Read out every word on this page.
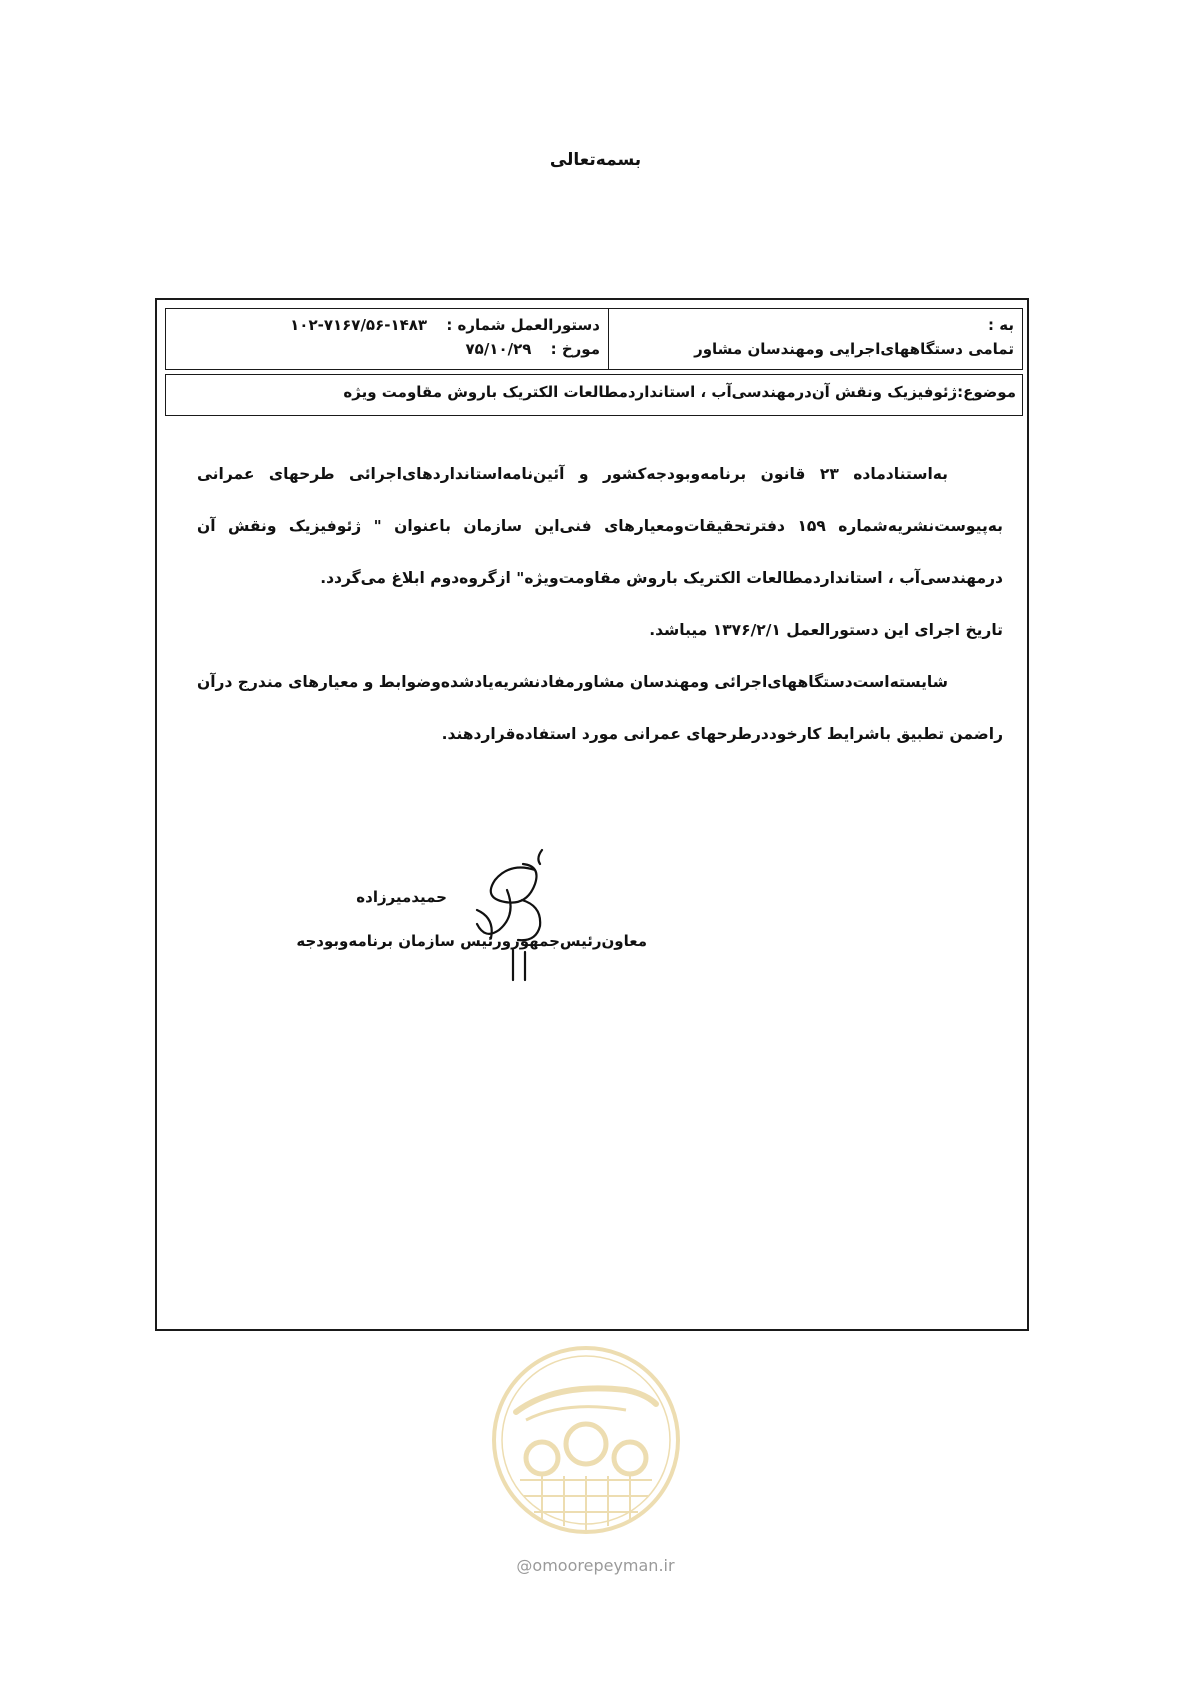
بسمه‌تعالی
به :
تمامی دستگاههای‌اجرایی ومهندسان مشاور
دستور‌العمل شماره : ۱۰۲-۷۱۶۷/۵۶-۱۴۸۳
مورخ : ۷۵/۱۰/۲۹
موضوع:ژئوفیزیک ونقش آن‌در‌مهندسی‌آب ، استاندارد‌مطالعات الکتریک باروش مقاومت ویژه

به‌استناد‌ماده ۲۳ قانون برنامه‌وبودجه‌کشور و آئین‌نامه‌استانداردهای‌اجرائی طرحهای عمرانی به‌پیوست‌نشریه‌شماره ۱۵۹ دفترتحقیقات‌ومعیارهای فنی‌این سازمان باعنوان " ژئوفیزیک ونقش آن درمهندسی‌آب ، استانداردمطالعات الکتریک باروش مقاومت‌ویژه" ازگروه‌دوم ابلاغ می‌گردد.

تاریخ اجرای این دستورالعمل ۱۳۷۶/۲/۱ میباشد.

شایسته‌است‌دستگاههای‌اجرائی ومهندسان مشاورمفادنشریه‌یادشده‌وضوابط و معیارهای مندرج درآن راضمن تطبیق باشرایط کارخوددرطرحهای عمرانی مورد استفاده‌قراردهند.

حمیدمیرزاده
معاون‌رئیس‌جمهورورئیس سازمان برنامه‌وبودجه
@omoorepeyman.ir
